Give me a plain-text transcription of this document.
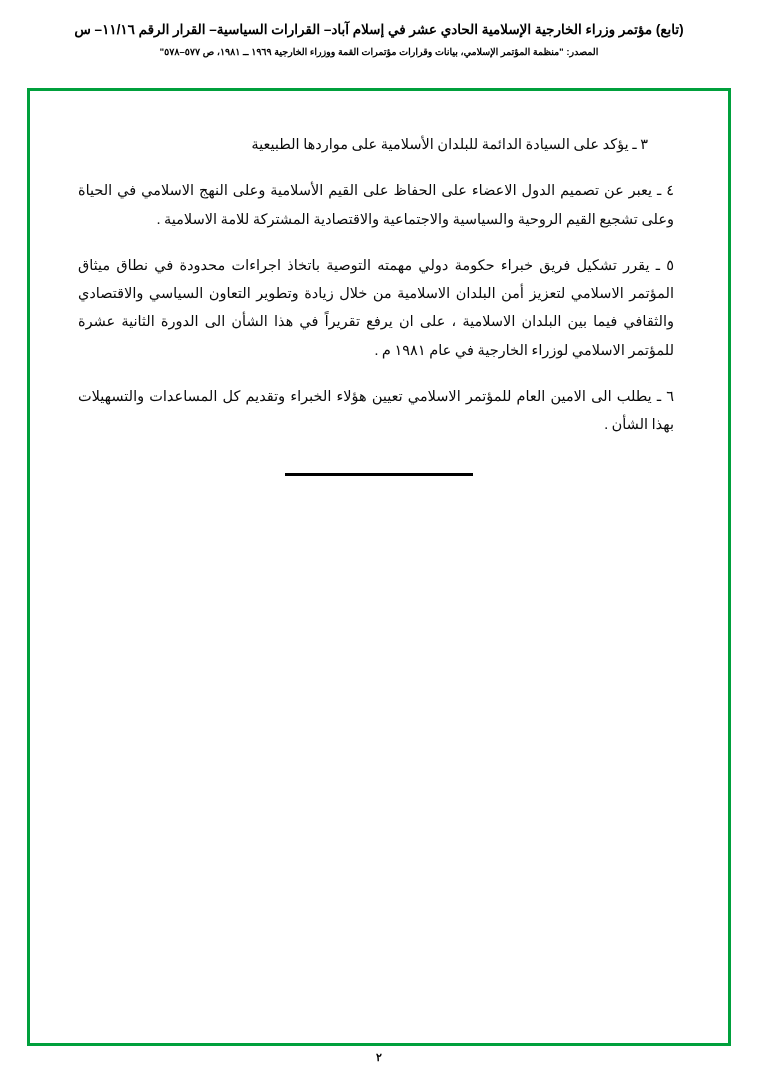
(تابع) مؤتمر وزراء الخارجية الإسلامية الحادي عشر في إسلام آباد– القرارات السياسية– القرار الرقم ١١/١٦– س
المصدر: "منظمة المؤتمر الإسلامي، بيانات وقرارات مؤتمرات القمة ووزراء الخارجية ١٩٦٩ ــ ١٩٨١، ص ٥٧٧–٥٧٨"

٣ ـ يؤكد على السيادة الدائمة للبلدان الأسلامية على مواردها الطبيعية

٤ ـ يعبر عن تصميم الدول الاعضاء على الحفاظ على القيم الأسلامية وعلى النهج الاسلامي في الحياة وعلى تشجيع القيم الروحية والسياسية والاجتماعية والاقتصادية المشتركة للامة الاسلامية .

٥ ـ يقرر تشكيل فريق خبراء حكومة دولي مهمته التوصية باتخاذ اجراءات محدودة في نطاق ميثاق المؤتمر الاسلامي لتعزيز أمن البلدان الاسلامية من خلال زيادة وتطوير التعاون السياسي والاقتصادي والثقافي فيما بين البلدان الاسلامية ، على ان يرفع تقريراً في هذا الشأن الى الدورة الثانية عشرة للمؤتمر الاسلامي لوزراء الخارجية في عام ١٩٨١ م .

٦ ـ يطلب الى الامين العام للمؤتمر الاسلامي تعيين هؤلاء الخبراء وتقديم كل المساعدات والتسهيلات بهذا الشأن .

٢
